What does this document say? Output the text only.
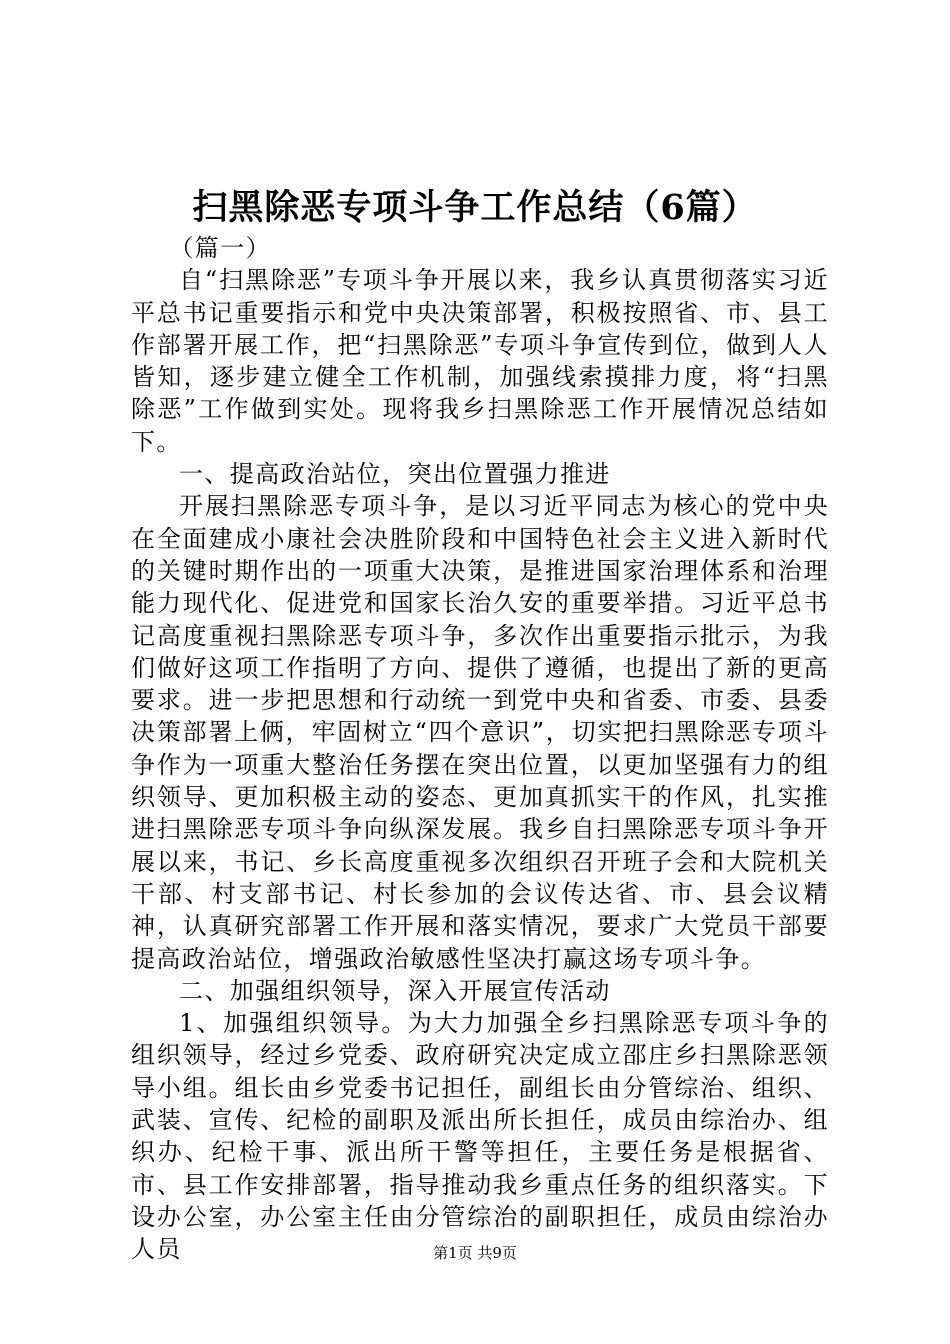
扫黑除恶专项斗争工作总结（6篇）

（篇一）

自“扫黑除恶”专项斗争开展以来，我乡认真贯彻落实习近平总书记重要指示和党中央决策部署，积极按照省、市、县工作部署开展工作，把“扫黑除恶”专项斗争宣传到位，做到人人皆知，逐步建立健全工作机制，加强线索摸排力度，将“扫黑除恶”工作做到实处。现将我乡扫黑除恶工作开展情况总结如下。

一、提高政治站位，突出位置强力推进

开展扫黑除恶专项斗争，是以习近平同志为核心的党中央在全面建成小康社会决胜阶段和中国特色社会主义进入新时代的关键时期作出的一项重大决策，是推进国家治理体系和治理能力现代化、促进党和国家长治久安的重要举措。习近平总书记高度重视扫黑除恶专项斗争，多次作出重要指示批示，为我们做好这项工作指明了方向、提供了遵循，也提出了新的更高要求。进一步把思想和行动统一到党中央和省委、市委、县委决策部署上俩，牢固树立“四个意识”，切实把扫黑除恶专项斗争作为一项重大整治任务摆在突出位置，以更加坚强有力的组织领导、更加积极主动的姿态、更加真抓实干的作风，扎实推进扫黑除恶专项斗争向纵深发展。我乡自扫黑除恶专项斗争开展以来，书记、乡长高度重视多次组织召开班子会和大院机关干部、村支部书记、村长参加的会议传达省、市、县会议精神，认真研究部署工作开展和落实情况，要求广大党员干部要提高政治站位，增强政治敏感性坚决打赢这场专项斗争。

二、加强组织领导，深入开展宣传活动

1、加强组织领导。为大力加强全乡扫黑除恶专项斗争的组织领导，经过乡党委、政府研究决定成立邵庄乡扫黑除恶领导小组。组长由乡党委书记担任，副组长由分管综治、组织、武装、宣传、纪检的副职及派出所长担任，成员由综治办、组织办、纪检干事、派出所干警等担任，主要任务是根据省、市、县工作安排部署，指导推动我乡重点任务的组织落实。下设办公室，办公室主任由分管综治的副职担任，成员由综治办人员	第1页 共9页
